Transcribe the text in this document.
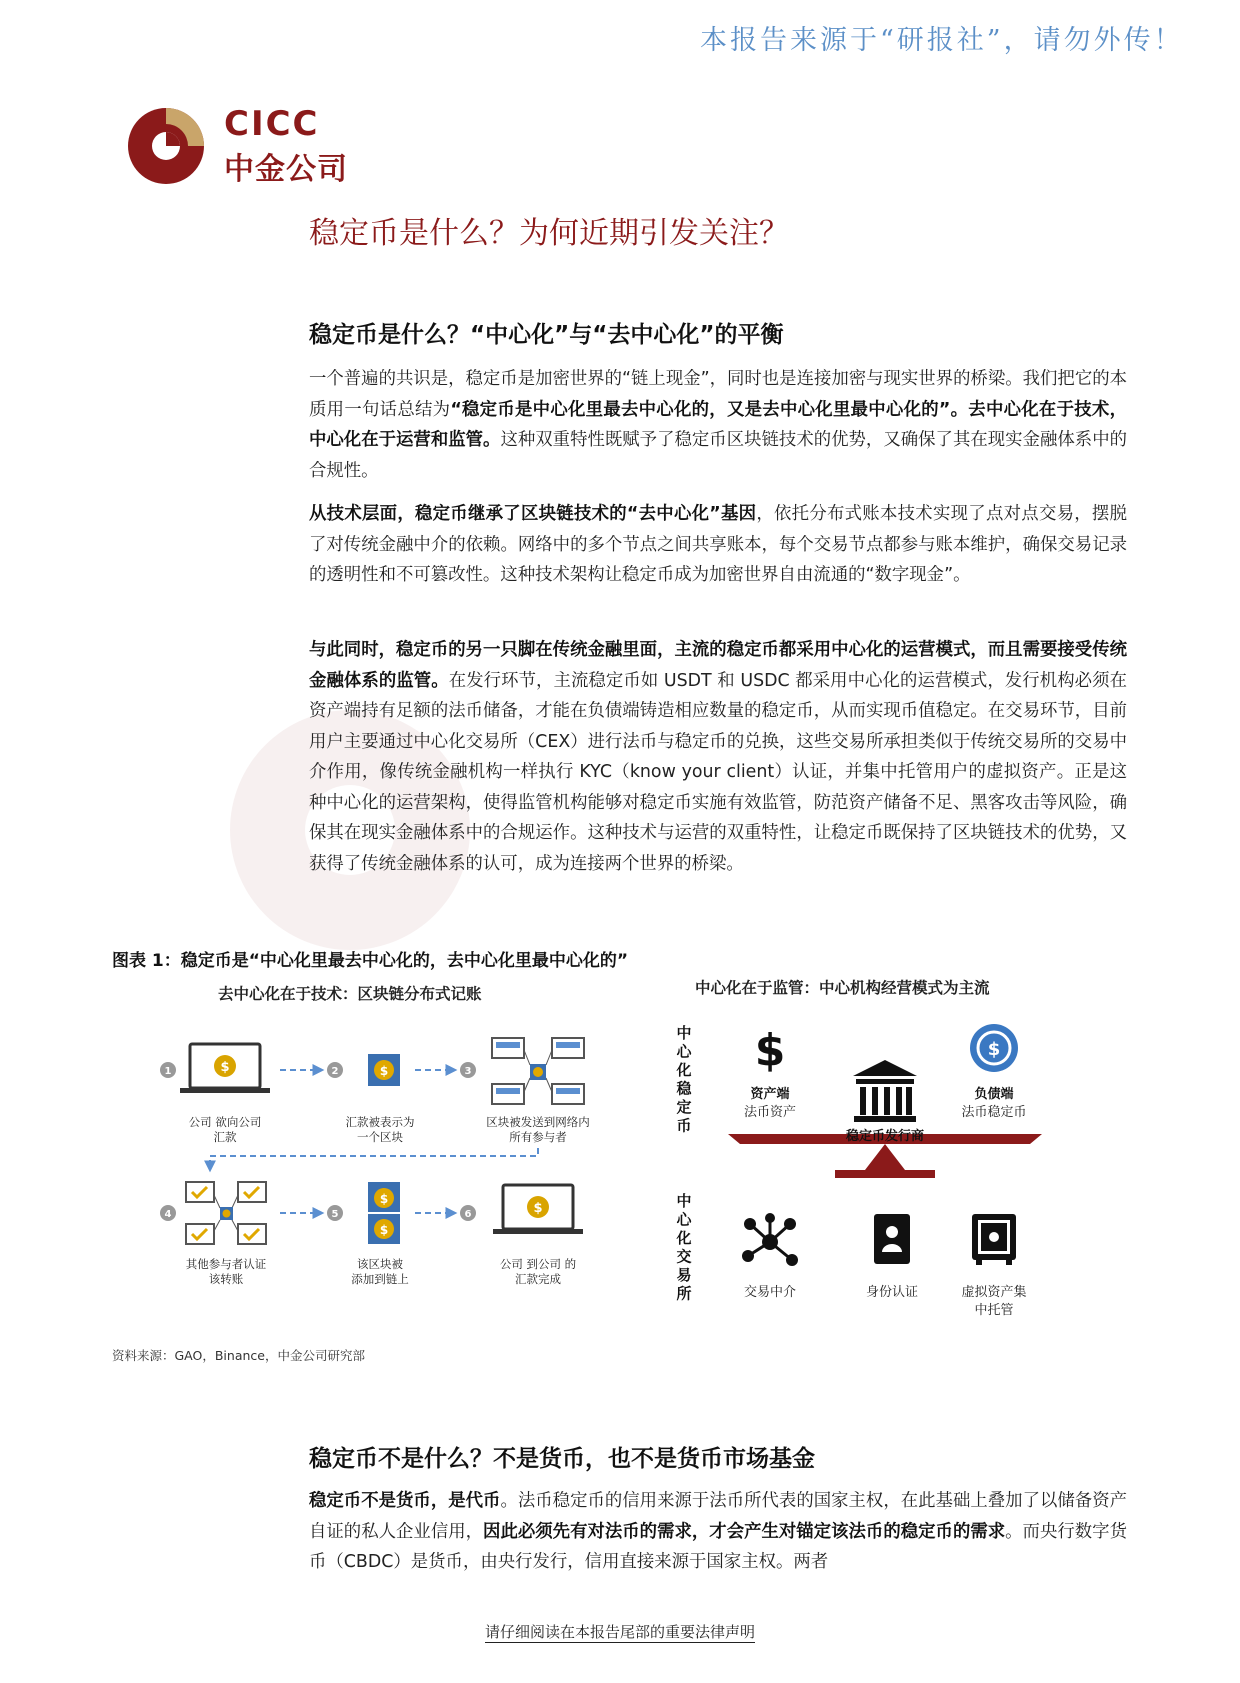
本报告来源于“研报社”，请勿外传！
CICC
中金公司
稳定币是什么？为何近期引发关注？
稳定币是什么？“中心化”与“去中心化”的平衡

一个普遍的共识是，稳定币是加密世界的“链上现金”，同时也是连接加密与现实世界的桥梁。我们把它的本质用一句话总结为“稳定币是中心化里最去中心化的，又是去中心化里最中心化的”。去中心化在于技术，中心化在于运营和监管。这种双重特性既赋予了稳定币区块链技术的优势，又确保了其在现实金融体系中的合规性。

从技术层面，稳定币继承了区块链技术的“去中心化”基因，依托分布式账本技术实现了点对点交易，摆脱了对传统金融中介的依赖。网络中的多个节点之间共享账本，每个交易节点都参与账本维护，确保交易记录的透明性和不可篡改性。这种技术架构让稳定币成为加密世界自由流通的“数字现金”。

与此同时，稳定币的另一只脚在传统金融里面，主流的稳定币都采用中心化的运营模式，而且需要接受传统金融体系的监管。在发行环节，主流稳定币如 USDT 和 USDC 都采用中心化的运营模式，发行机构必须在资产端持有足额的法币储备，才能在负债端铸造相应数量的稳定币，从而实现币值稳定。在交易环节，目前用户主要通过中心化交易所（CEX）进行法币与稳定币的兑换，这些交易所承担类似于传统交易所的交易中介作用，像传统金融机构一样执行 KYC（know your client）认证，并集中托管用户的虚拟资产。正是这种中心化的运营架构，使得监管机构能够对稳定币实施有效监管，防范资产储备不足、黑客攻击等风险，确保其在现实金融体系中的合规运作。这种技术与运营的双重特性，让稳定币既保持了区块链技术的优势，又获得了传统金融体系的认可，成为连接两个世界的桥梁。

图表 1：稳定币是“中心化里最去中心化的，去中心化里最中心化的”
去中心化在于技术：区块链分布式记账	中心化在于监管：中心机构经营模式为主流
$	$
1	2	3
公司 欲向公司
汇款
汇款被表示为
一个区块
区块被发送到网络内
所有参与者
$
$
$
4	5	6
其他参与者认证
该转账
该区块被
添加到链上
公司 到公司 的
汇款完成
中心化稳定币
中心化交易所
$
资产端
法币资产
$
负债端
法币稳定币
稳定币发行商
交易中介	身份认证	虚拟资产集
中托管
资料来源：GAO，Binance，中金公司研究部
稳定币不是什么？不是货币，也不是货币市场基金

稳定币不是货币，是代币。法币稳定币的信用来源于法币所代表的国家主权，在此基础上叠加了以储备资产自证的私人企业信用，因此必须先有对法币的需求，才会产生对锚定该法币的稳定币的需求。而央行数字货币（CBDC）是货币，由央行发行，信用直接来源于国家主权。两者

请仔细阅读在本报告尾部的重要法律声明
